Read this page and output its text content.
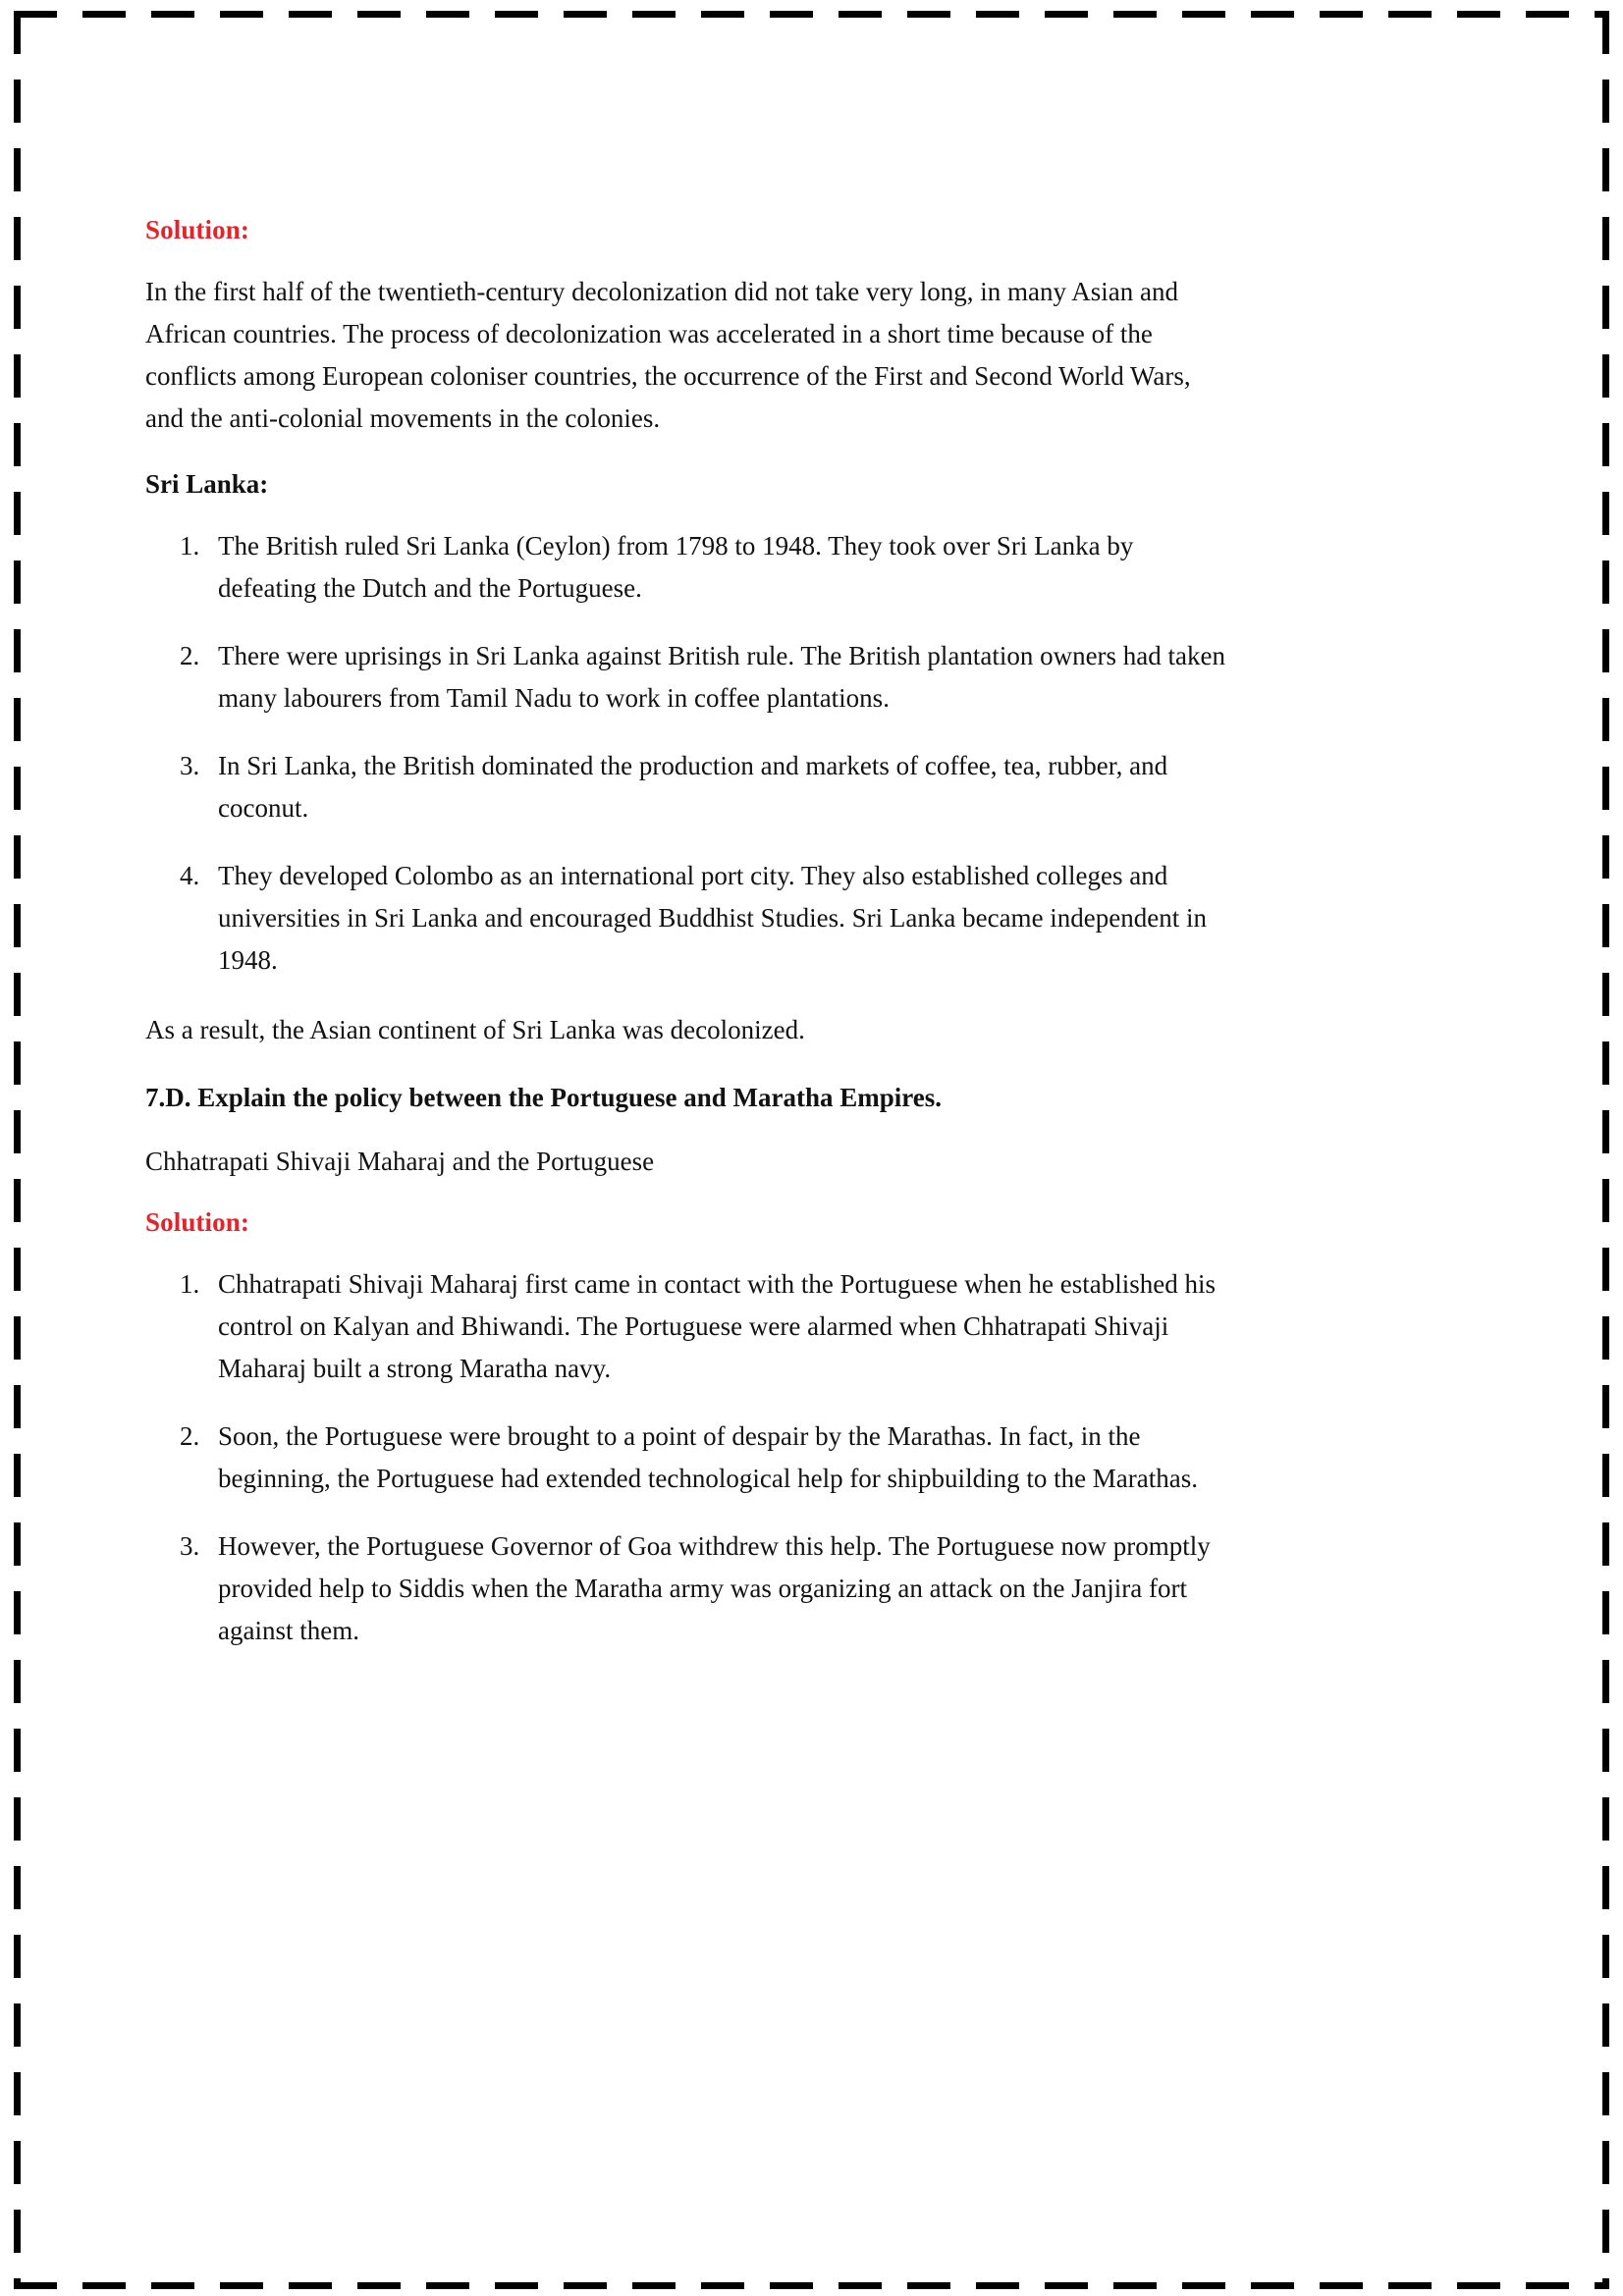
Solution:

In the first half of the twentieth-century decolonization did not take very long, in many Asian and African countries. The process of decolonization was accelerated in a short time because of the conflicts among European coloniser countries, the occurrence of the First and Second World Wars, and the anti-colonial movements in the colonies.

Sri Lanka:

1. The British ruled Sri Lanka (Ceylon) from 1798 to 1948. They took over Sri Lanka by defeating the Dutch and the Portuguese.
2. There were uprisings in Sri Lanka against British rule. The British plantation owners had taken many labourers from Tamil Nadu to work in coffee plantations.
3. In Sri Lanka, the British dominated the production and markets of coffee, tea, rubber, and coconut.
4. They developed Colombo as an international port city. They also established colleges and universities in Sri Lanka and encouraged Buddhist Studies. Sri Lanka became independent in 1948.

As a result, the Asian continent of Sri Lanka was decolonized.

7.D. Explain the policy between the Portuguese and Maratha Empires.

Chhatrapati Shivaji Maharaj and the Portuguese

Solution:

1. Chhatrapati Shivaji Maharaj first came in contact with the Portuguese when he established his control on Kalyan and Bhiwandi. The Portuguese were alarmed when Chhatrapati Shivaji Maharaj built a strong Maratha navy.
2. Soon, the Portuguese were brought to a point of despair by the Marathas. In fact, in the beginning, the Portuguese had extended technological help for shipbuilding to the Marathas.
3. However, the Portuguese Governor of Goa withdrew this help. The Portuguese now promptly provided help to Siddis when the Maratha army was organizing an attack on the Janjira fort against them.
